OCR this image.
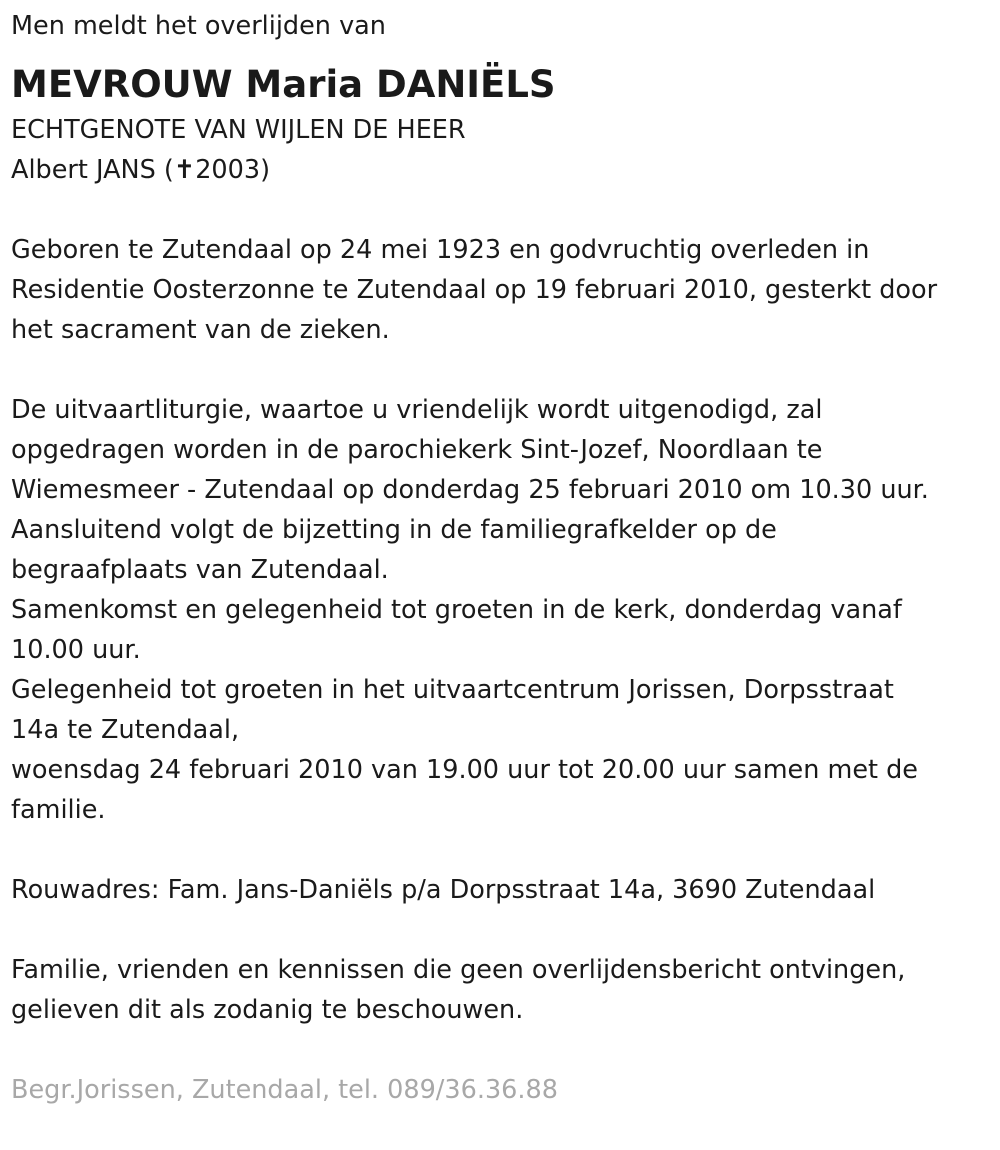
Men meldt het overlijden van
MEVROUW Maria DANIËLS
ECHTGENOTE VAN WIJLEN DE HEER
Albert JANS (✝2003)
Geboren te Zutendaal op 24 mei 1923 en godvruchtig overleden in
Residentie Oosterzonne te Zutendaal op 19 februari 2010, gesterkt door
het sacrament van de zieken.
De uitvaartliturgie, waartoe u vriendelijk wordt uitgenodigd, zal
opgedragen worden in de parochiekerk Sint-Jozef, Noordlaan te
Wiemesmeer - Zutendaal op donderdag 25 februari 2010 om 10.30 uur.
Aansluitend volgt de bijzetting in de familiegrafkelder op de
begraafplaats van Zutendaal.
Samenkomst en gelegenheid tot groeten in de kerk, donderdag vanaf
10.00 uur.
Gelegenheid tot groeten in het uitvaartcentrum Jorissen, Dorpsstraat
14a te Zutendaal,
woensdag 24 februari 2010 van 19.00 uur tot 20.00 uur samen met de
familie.
Rouwadres: Fam. Jans-Daniëls p/a Dorpsstraat 14a, 3690 Zutendaal
Familie, vrienden en kennissen die geen overlijdensbericht ontvingen,
gelieven dit als zodanig te beschouwen.
Begr.Jorissen, Zutendaal, tel. 089/36.36.88
